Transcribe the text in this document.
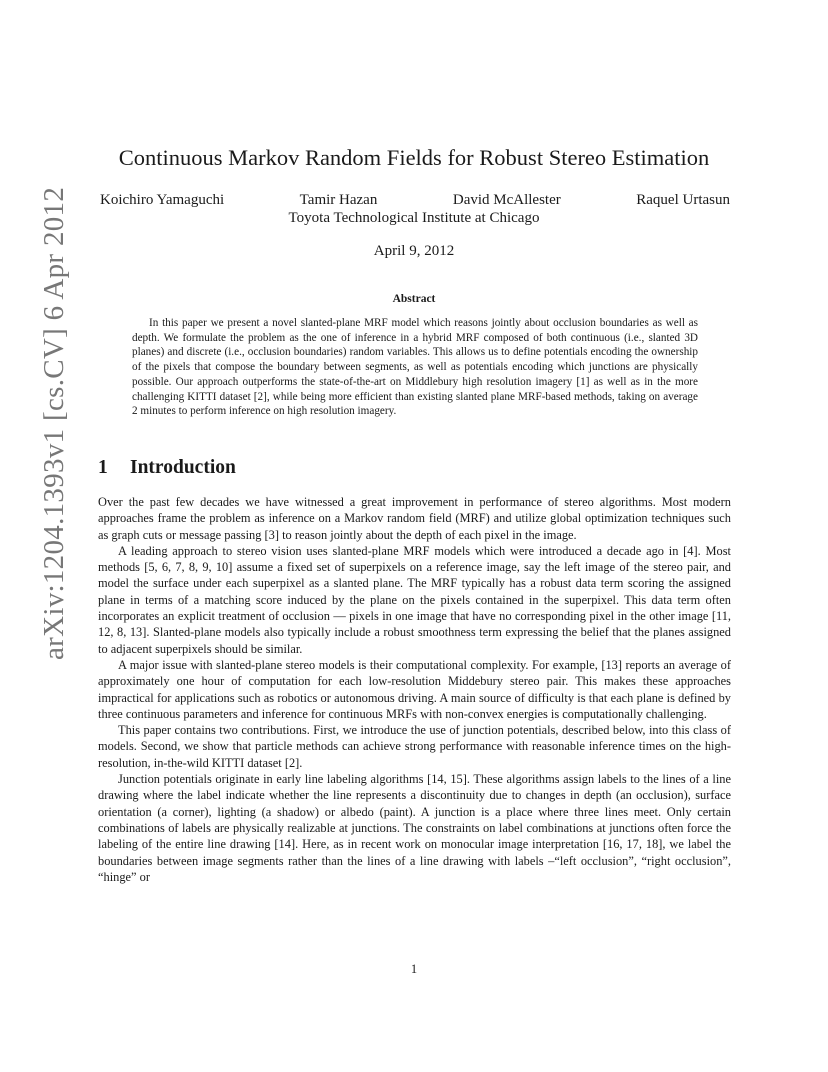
arXiv:1204.1393v1 [cs.CV] 6 Apr 2012
Continuous Markov Random Fields for Robust Stereo Estimation
Koichiro Yamaguchi	Tamir Hazan	David McAllester	Raquel Urtasun
Toyota Technological Institute at Chicago
April 9, 2012
Abstract

In this paper we present a novel slanted-plane MRF model which reasons jointly about occlusion boundaries as well as depth. We formulate the problem as the one of inference in a hybrid MRF composed of both continuous (i.e., slanted 3D planes) and discrete (i.e., occlusion boundaries) random variables. This allows us to define potentials encoding the ownership of the pixels that compose the boundary between segments, as well as potentials encoding which junctions are physically possible. Our approach outperforms the state-of-the-art on Middlebury high resolution imagery [1] as well as in the more challenging KITTI dataset [2], while being more efficient than existing slanted plane MRF-based methods, taking on average 2 minutes to perform inference on high resolution imagery.

1 Introduction

Over the past few decades we have witnessed a great improvement in performance of stereo algorithms. Most modern approaches frame the problem as inference on a Markov random field (MRF) and utilize global optimization techniques such as graph cuts or message passing [3] to reason jointly about the depth of each pixel in the image.

A leading approach to stereo vision uses slanted-plane MRF models which were introduced a decade ago in [4]. Most methods [5, 6, 7, 8, 9, 10] assume a fixed set of superpixels on a reference image, say the left image of the stereo pair, and model the surface under each superpixel as a slanted plane. The MRF typically has a robust data term scoring the assigned plane in terms of a matching score induced by the plane on the pixels contained in the superpixel. This data term often incorporates an explicit treatment of occlusion — pixels in one image that have no corresponding pixel in the other image [11, 12, 8, 13]. Slanted-plane models also typically include a robust smoothness term expressing the belief that the planes assigned to adjacent superpixels should be similar.

A major issue with slanted-plane stereo models is their computational complexity. For example, [13] reports an average of approximately one hour of computation for each low-resolution Middebury stereo pair. This makes these approaches impractical for applications such as robotics or autonomous driving. A main source of difficulty is that each plane is defined by three continuous parameters and inference for continuous MRFs with non-convex energies is computationally challenging.

This paper contains two contributions. First, we introduce the use of junction potentials, described below, into this class of models. Second, we show that particle methods can achieve strong performance with reasonable inference times on the high-resolution, in-the-wild KITTI dataset [2].

Junction potentials originate in early line labeling algorithms [14, 15]. These algorithms assign labels to the lines of a line drawing where the label indicate whether the line represents a discontinuity due to changes in depth (an occlusion), surface orientation (a corner), lighting (a shadow) or albedo (paint). A junction is a place where three lines meet. Only certain combinations of labels are physically realizable at junctions. The constraints on label combinations at junctions often force the labeling of the entire line drawing [14]. Here, as in recent work on monocular image interpretation [16, 17, 18], we label the boundaries between image segments rather than the lines of a line drawing with labels –“left occlusion”, “right occlusion”, “hinge” or

1
